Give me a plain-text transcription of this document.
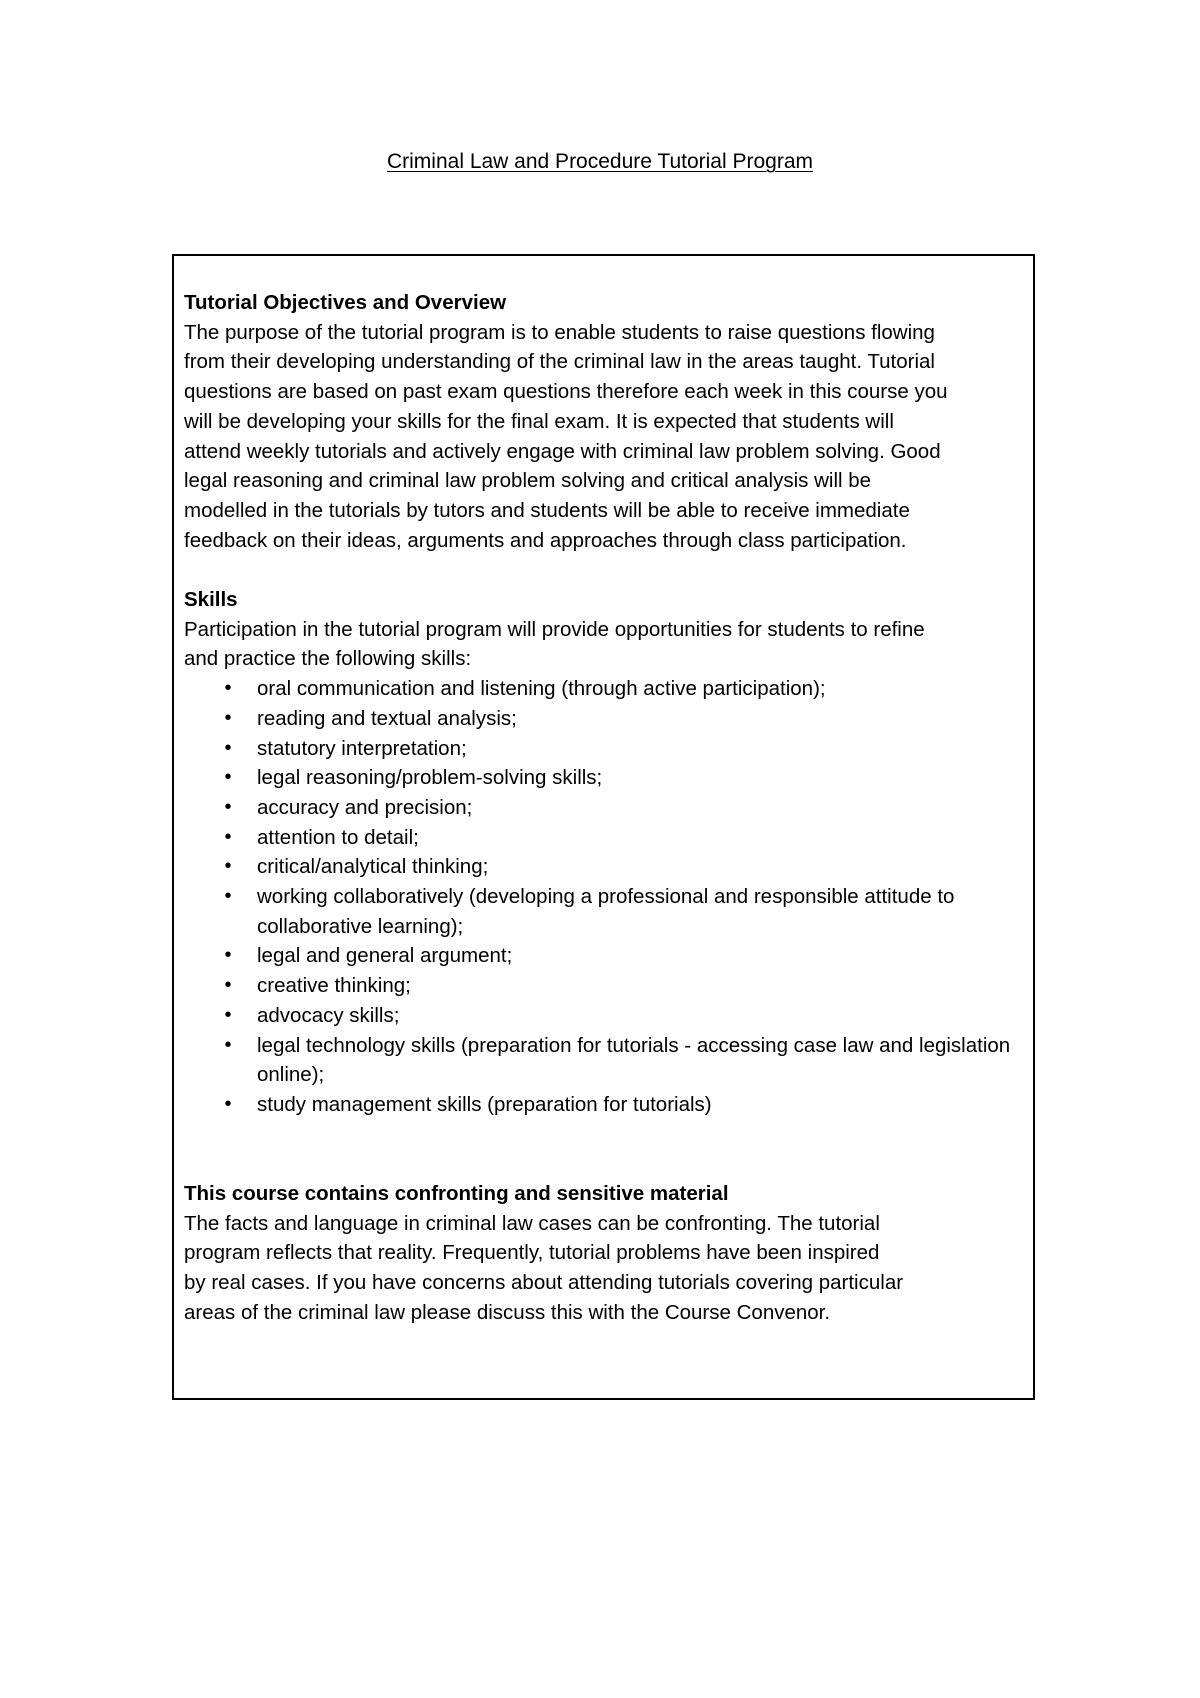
Criminal Law and Procedure Tutorial Program

Tutorial Objectives and Overview

The purpose of the tutorial program is to enable students to raise questions flowing
from their developing understanding of the criminal law in the areas taught. Tutorial
questions are based on past exam questions therefore each week in this course you
will be developing your skills for the final exam. It is expected that students will
attend weekly tutorials and actively engage with criminal law problem solving. Good
legal reasoning and criminal law problem solving and critical analysis will be
modelled in the tutorials by tutors and students will be able to receive immediate
feedback on their ideas, arguments and approaches through class participation.

Skills

Participation in the tutorial program will provide opportunities for students to refine
and practice the following skills:
• oral communication and listening (through active participation);
• reading and textual analysis;
• statutory interpretation;
• legal reasoning/problem-solving skills;
• accuracy and precision;
• attention to detail;
• critical/analytical thinking;
• working collaboratively (developing a professional and responsible attitude to collaborative learning);
• legal and general argument;
• creative thinking;
• advocacy skills;
• legal technology skills (preparation for tutorials - accessing case law and legislation online);
• study management skills (preparation for tutorials)

This course contains confronting and sensitive material

The facts and language in criminal law cases can be confronting. The tutorial
program reflects that reality. Frequently, tutorial problems have been inspired
by real cases. If you have concerns about attending tutorials covering particular
areas of the criminal law please discuss this with the Course Convenor.
